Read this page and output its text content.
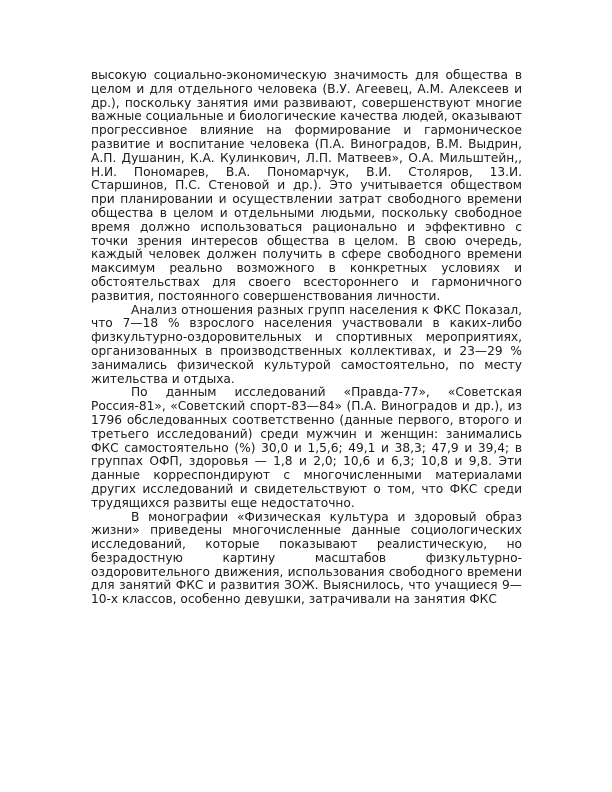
высокую социально-экономическую значимость для общества в целом и для отдельного человека (В.У. Агеевец, А.М. Алексеев и др.), поскольку занятия ими развивают, совершенствуют многие важные социальные и биологические качества людей, оказывают прогрессивное влияние на формирование и гармоническое развитие и воспитание человека (П.А. Виноградов, В.М. Выдрин, А.П. Душанин, К.А. Кулинкович, Л.П. Матвеев», О.А. Мильштейн,, Н.И. Пономарев, В.А. Пономарчук, В.И. Столяров, 13.И. Старшинов, П.С. Стеновой и др.). Это учитывается обществом при планировании и осуществлении затрат свободного времени общества в целом и отдельными людьми, поскольку свободное время должно использоваться рационально и эффективно с точки зрения интересов общества в целом. В свою очередь, каждый человек должен получить в сфере свободного времени максимум реально возможного в конкретных условиях и обстоятельствах для своего всестороннего и гармоничного развития, постоянного совершенствования личности.

Анализ отношения разных групп населения к ФКС Показал, что 7—18 % взрослого населения участвовали в каких-либо физкультурно-оздоровительных и спортивных мероприятиях, организованных в производственных коллективах, и 23—29 % занимались физической культурой самостоятельно, по месту жительства и отдыха.

По данным исследований «Правда-77», «Советская Россия-81», «Советский спорт-83—84» (П.А. Виноградов и др.), из 1796 обследованных соответственно (данные первого, второго и третьего исследований) среди мужчин и женщин: занимались ФКС самостоятельно (%) 30,0 и 1,5,6; 49,1 и 38,3; 47,9 и 39,4; в группах ОФП, здоровья — 1,8 и 2,0; 10,6 и 6,3; 10,8 и 9,8. Эти данные корреспондируют с многочисленными материалами других исследований и свидетельствуют о том, что ФКС среди трудящихся развиты еще недостаточно.

В монографии «Физическая культура и здоровый образ жизни» приведены многочисленные данные социологических исследований, которые показывают реалистическую, но безрадостную картину масштабов физкультурно-оздоровительного движения, использования свободного времени для занятий ФКС и развития ЗОЖ. Выяснилось, что учащиеся 9—10-х классов, особенно девушки, затрачивали на занятия ФКС
